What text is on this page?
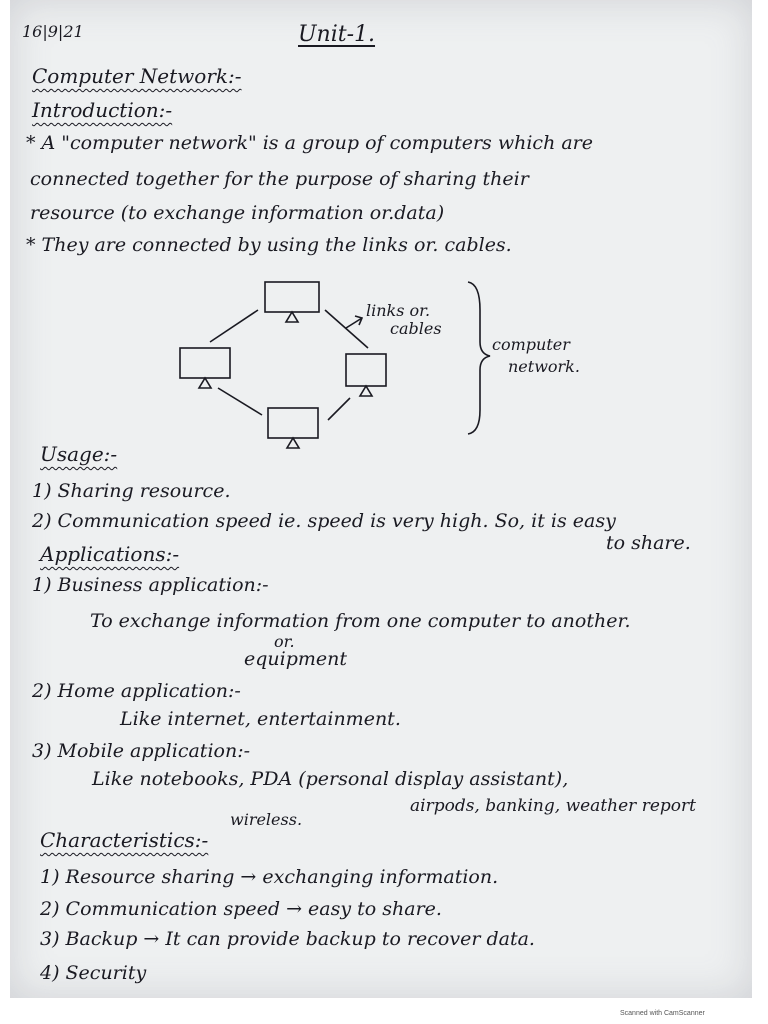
16|9|21	Unit-1.
Computer Network:-
Introduction:-
* A "computer network" is a group of computers which are
connected together for the purpose of sharing their
resource (to exchange information or.data)
* They are connected by using the links or. cables.
links or.
cables
computer
network.
Usage:-
1) Sharing resource.
2) Communication speed ie. speed is very high. So, it is easy
to share.
Applications:-
1) Business application:-
To exchange information from one computer to another.
or.
equipment
2) Home application:-
Like internet, entertainment.
3) Mobile application:-
Like notebooks, PDA (personal display assistant),
airpods, banking, weather report
wireless.
Characteristics:-
1) Resource sharing → exchanging information.
2) Communication speed → easy to share.
3) Backup → It can provide backup to recover data.
4) Security
Scanned with CamScanner
